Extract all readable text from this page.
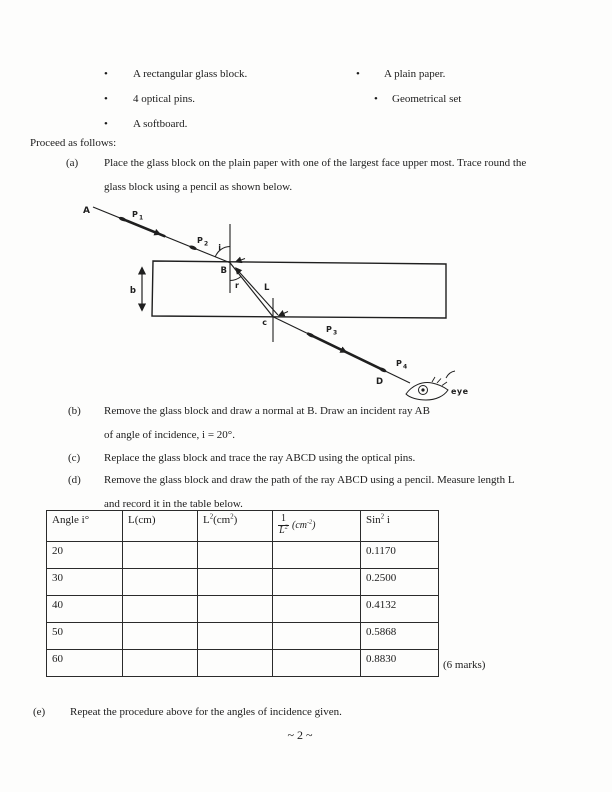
• A rectangular glass block.
• 4 optical pins.
• A softboard.
• A plain paper.
• Geometrical set
Proceed as follows:
(a) Place the glass block on the plain paper with one of the largest face upper most. Trace round the
glass block using a pencil as shown below.
b
A	P 1
P 2 i
B
r	L
c
P 3
P 4
D
eye
(b) Remove the glass block and draw a normal at B. Draw an incident ray AB
of angle of incidence, i = 20°.
(c) Replace the glass block and trace the ray ABCD using the optical pins.
(d) Remove the glass block and draw the path of the ray ABCD using a pencil. Measure length L
and record it in the table below.
Angle i°	L(cm)	$L^2(cm^2)$	$\frac{1}{L^2} (cm^{-2})$	Sin$^2$ i
20				0.1170
30				0.2500
40				0.4132
50				0.5868
60				0.8830	(6 marks)
(e) Repeat the procedure above for the angles of incidence given.
~ 2 ~
